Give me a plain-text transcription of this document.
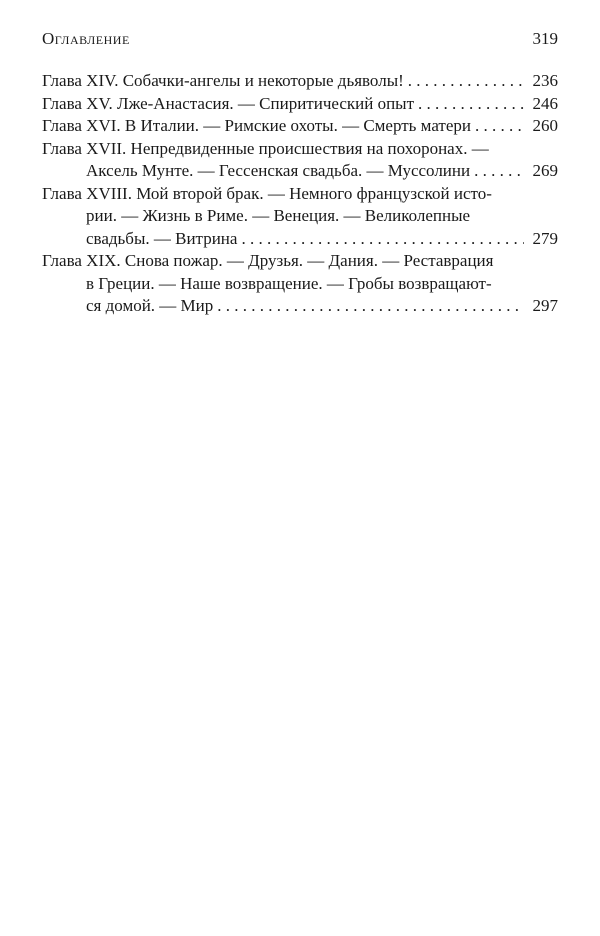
Оглавление	319
Глава XIV. Собачки-ангелы и некоторые дьяволы! . . .	236
Глава XV. Лже-Анастасия. — Спиритический опыт . . .	246
Глава XVI. В Италии. — Римские охоты. — Смерть матери . . .	260
Глава XVII. Непредвиденные происшествия на похоронах. —
Аксель Мунте. — Гессенская свадьба. — Муссолини . . .	269
Глава XVIII. Мой второй брак. — Немного французской исто-
рии. — Жизнь в Риме. — Венеция. — Великолепные
свадьбы. — Витрина . . .	279
Глава XIX. Снова пожар. — Друзья. — Дания. — Реставрация
в Греции. — Наше возвращение. — Гробы возвращают-
ся домой. — Мир . . .	297
